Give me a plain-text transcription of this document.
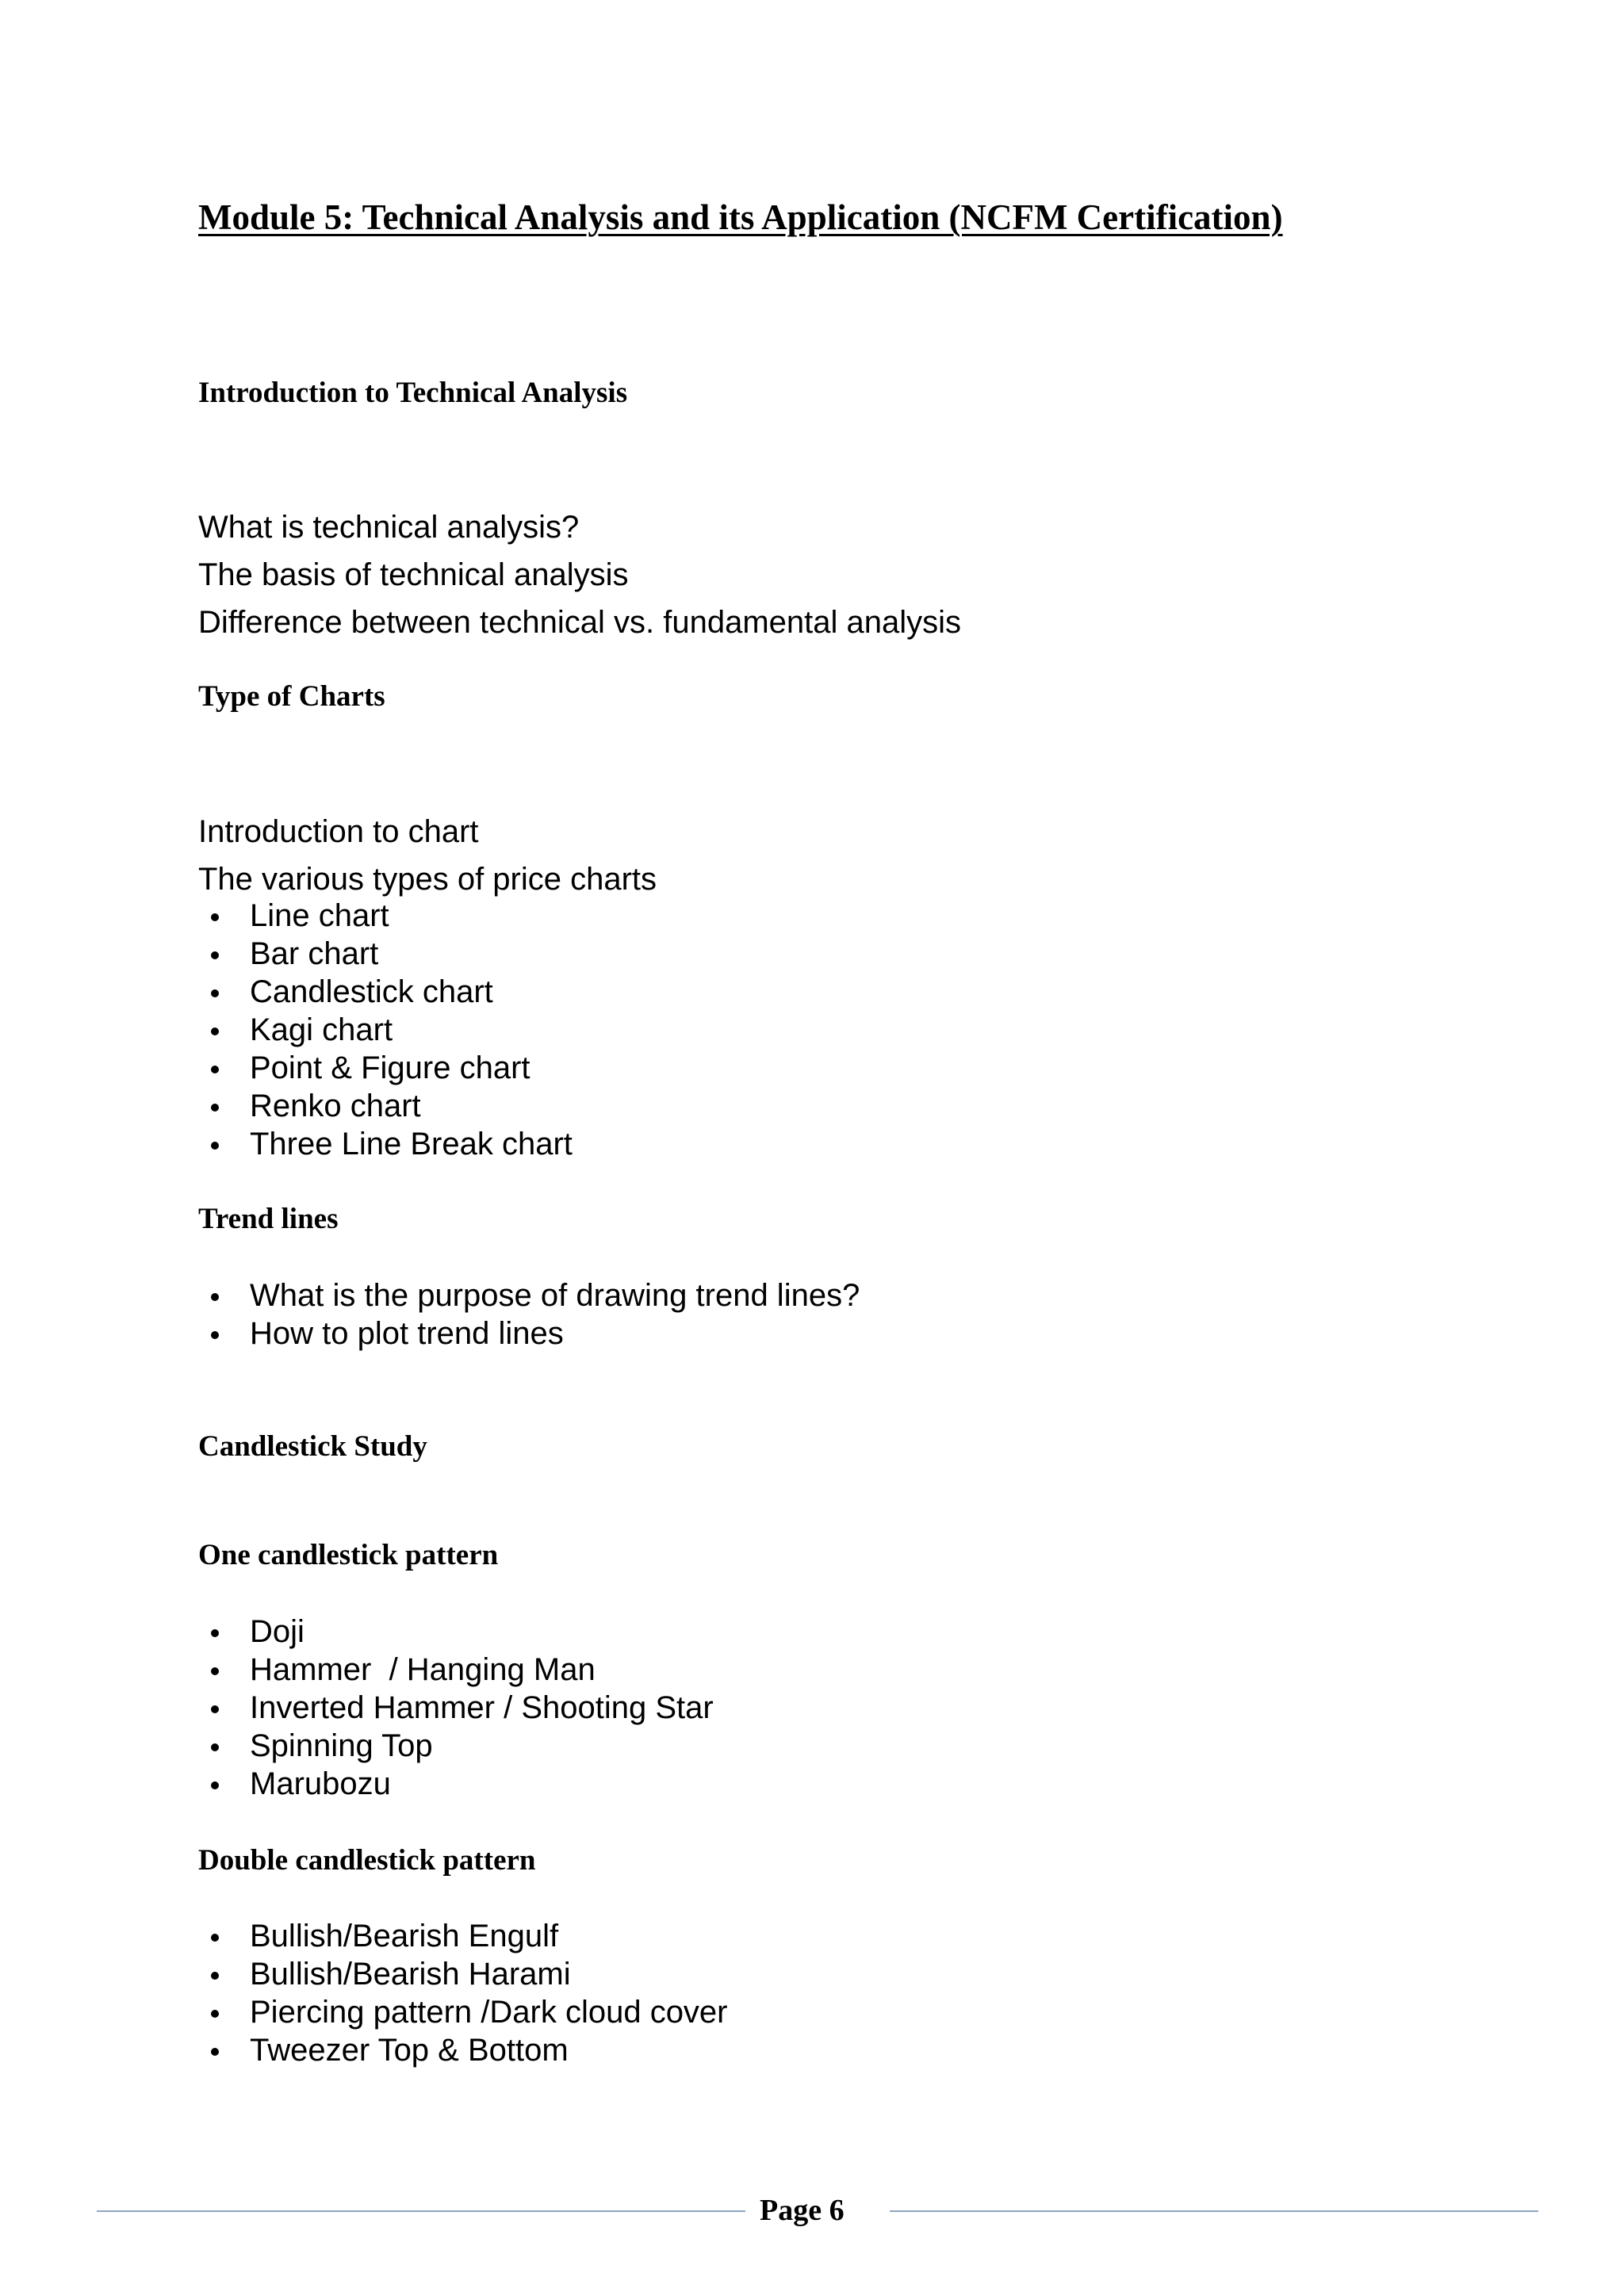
Module 5: Technical Analysis and its Application (NCFM Certification)
Introduction to Technical Analysis
What is technical analysis?
The basis of technical analysis
Difference between technical vs. fundamental analysis
Type of Charts
Introduction to chart
The various types of price charts
Line chart
Bar chart
Candlestick chart
Kagi chart
Point & Figure chart
Renko chart
Three Line Break chart
Trend lines
What is the purpose of drawing trend lines?
How to plot trend lines
Candlestick Study
One candlestick pattern
Doji
Hammer  / Hanging Man
Inverted Hammer / Shooting Star
Spinning Top
Marubozu
Double candlestick pattern
Bullish/Bearish Engulf
Bullish/Bearish Harami
Piercing pattern /Dark cloud cover
Tweezer Top & Bottom
Page 6
